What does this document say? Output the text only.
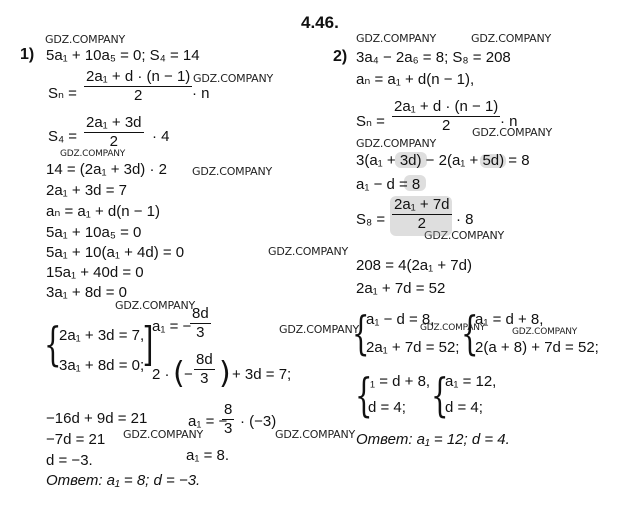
4.46.
GDZ.COMPANY	GDZ.COMPANY
GDZ.COMPANY
GDZ.COMPANY
GDZ.COMPANY
GDZ.COMPANY
GDZ.COMPANY
GDZ.COMPANY
GDZ.COMPANY
GDZ.COMPANY
GDZ.COMPANY
GDZ.COMPANY	GDZ.COMPANY	GDZ.COMPANY
GDZ.COMPANY	GDZ.COMPANY
1) 5a₁ + 10a₅ = 0; S₄ = 14
$S_n = \frac{\text{2a₁ + d · (n − 1)}}{2} \cdot n$
$S_4 = \frac{\text{2a₁ + 3d}}{2} \cdot 4$
14 = (2a₁ + 3d) · 2
2a₁ + 3d = 7
aₙ = a₁ + d(n − 1)
5a₁ + 10a₅ = 0
5a₁ + 10(a₁ + 4d) = 0
15a₁ + 40d = 0
3a₁ + 8d = 0
{
2a₁ + 3d = 7,
3a₁ + 8d = 0;
]
a₁ = −
$\frac{8d}{3}$
2 · ( − $\frac{8d}{3}$ ) + 3d = 7;
−16d + 9d = 21
−7d = 21
d = −3.
a₁ = −
$\frac{8}{3} \cdot (-3)$
a₁ = 8.
Ответ: a₁ = 8; d = −3.
2) 3a₄ − 2a₆ = 8; S₈ = 208
aₙ = a₁ + d(n − 1),
$S_n = \frac{\text{2a₁ + d · (n − 1)}}{2} \cdot n$
3(a₁ + 3d) − 2(a₁ + 5d) = 8
a₁ − d = 8
$S_8 = \frac{\text{2a₁ + 7d}}{2} \cdot 8$
208 = 4(2a₁ + 7d)
2a₁ + 7d = 52
{
a₁ − d = 8,
2a₁ + 7d = 52; {
a₁ = d + 8,
2(a + 8) + 7d = 52;
{
₁ = d + 8,
d = 4; {
a₁ = 12,
d = 4;
Ответ: a₁ = 12; d = 4.
